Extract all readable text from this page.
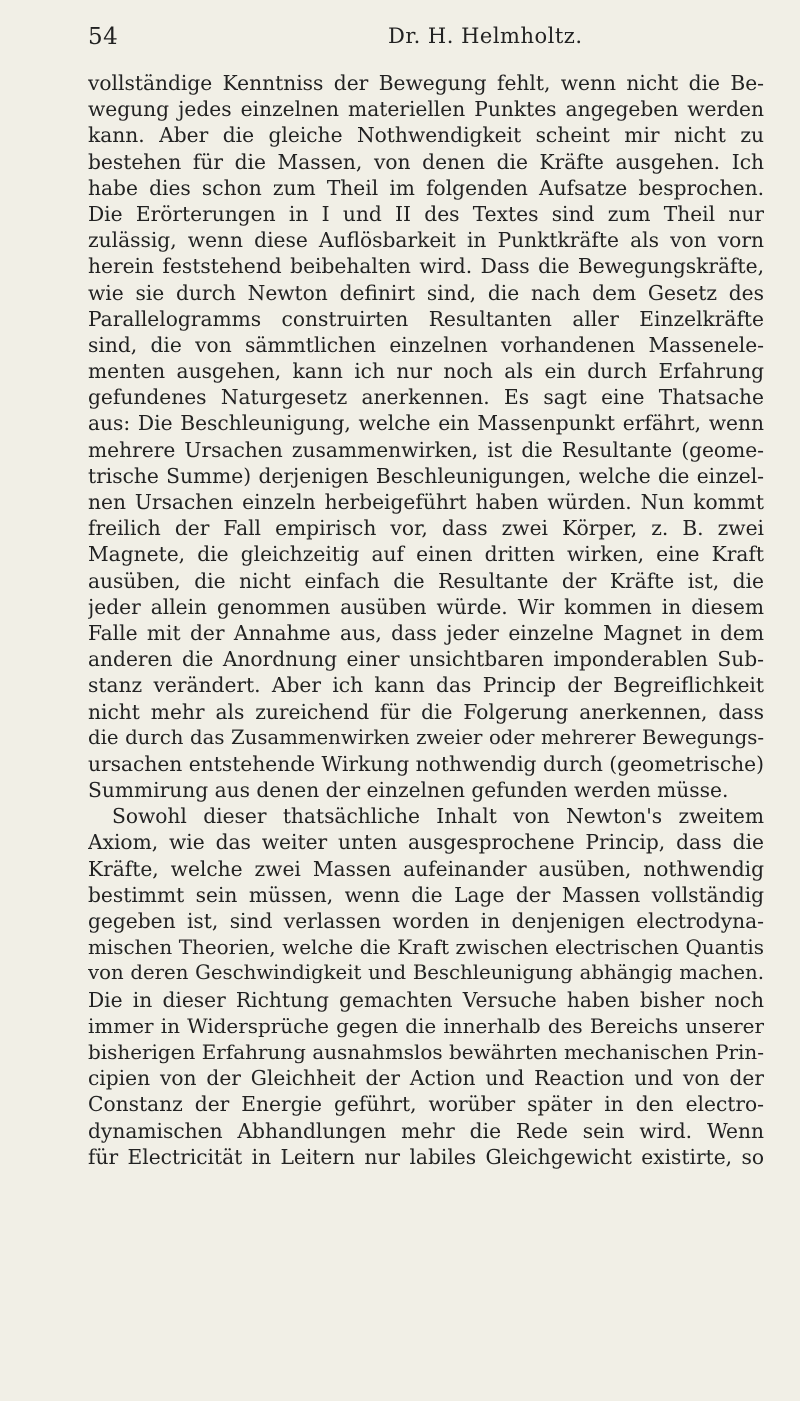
54	Dr. H. Helmholtz.
vollständige Kenntniss der Bewegung fehlt, wenn nicht die Be-
wegung jedes einzelnen materiellen Punktes angegeben werden
kann. Aber die gleiche Nothwendigkeit scheint mir nicht zu
bestehen für die Massen, von denen die Kräfte ausgehen. Ich
habe dies schon zum Theil im folgenden Aufsatze besprochen.
Die Erörterungen in I und II des Textes sind zum Theil nur
zulässig, wenn diese Auflösbarkeit in Punktkräfte als von vorn
herein feststehend beibehalten wird. Dass die Bewegungskräfte,
wie sie durch Newton definirt sind, die nach dem Gesetz des
Parallelogramms construirten Resultanten aller Einzelkräfte
sind, die von sämmtlichen einzelnen vorhandenen Massenele-
menten ausgehen, kann ich nur noch als ein durch Erfahrung
gefundenes Naturgesetz anerkennen. Es sagt eine Thatsache
aus: Die Beschleunigung, welche ein Massenpunkt erfährt, wenn
mehrere Ursachen zusammenwirken, ist die Resultante (geome-
trische Summe) derjenigen Beschleunigungen, welche die einzel-
nen Ursachen einzeln herbeigeführt haben würden. Nun kommt
freilich der Fall empirisch vor, dass zwei Körper, z. B. zwei
Magnete, die gleichzeitig auf einen dritten wirken, eine Kraft
ausüben, die nicht einfach die Resultante der Kräfte ist, die
jeder allein genommen ausüben würde. Wir kommen in diesem
Falle mit der Annahme aus, dass jeder einzelne Magnet in dem
anderen die Anordnung einer unsichtbaren imponderablen Sub-
stanz verändert. Aber ich kann das Princip der Begreiflichkeit
nicht mehr als zureichend für die Folgerung anerkennen, dass
die durch das Zusammenwirken zweier oder mehrerer Bewegungs-
ursachen entstehende Wirkung nothwendig durch (geometrische)
Summirung aus denen der einzelnen gefunden werden müsse.
Sowohl dieser thatsächliche Inhalt von Newton's zweitem
Axiom, wie das weiter unten ausgesprochene Princip, dass die
Kräfte, welche zwei Massen aufeinander ausüben, nothwendig
bestimmt sein müssen, wenn die Lage der Massen vollständig
gegeben ist, sind verlassen worden in denjenigen electrodyna-
mischen Theorien, welche die Kraft zwischen electrischen Quantis
von deren Geschwindigkeit und Beschleunigung abhängig machen.
Die in dieser Richtung gemachten Versuche haben bisher noch
immer in Widersprüche gegen die innerhalb des Bereichs unserer
bisherigen Erfahrung ausnahmslos bewährten mechanischen Prin-
cipien von der Gleichheit der Action und Reaction und von der
Constanz der Energie geführt, worüber später in den electro-
dynamischen Abhandlungen mehr die Rede sein wird. Wenn
für Electricität in Leitern nur labiles Gleichgewicht existirte, so
